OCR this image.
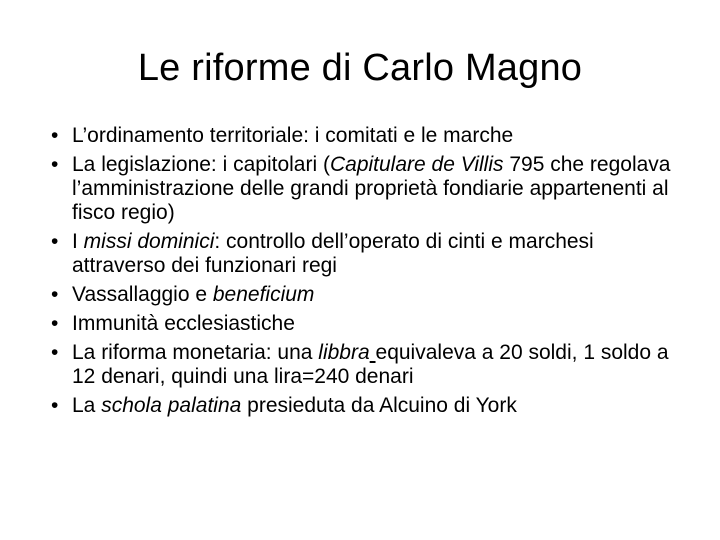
Le riforme di Carlo Magno
• L’ordinamento territoriale: i comitati e le marche
• La legislazione: i capitolari (Capitulare de Villis 795 che regolava l’amministrazione delle grandi proprietà fondiarie appartenenti al fisco regio)
• I missi dominici: controllo dell’operato di cinti e marchesi attraverso dei funzionari regi
• Vassallaggio e beneficium
• Immunità ecclesiastiche
• La riforma monetaria: una libbra equivaleva a 20 soldi, 1 soldo a 12 denari, quindi una lira=240 denari
• La schola palatina presieduta da Alcuino di York
